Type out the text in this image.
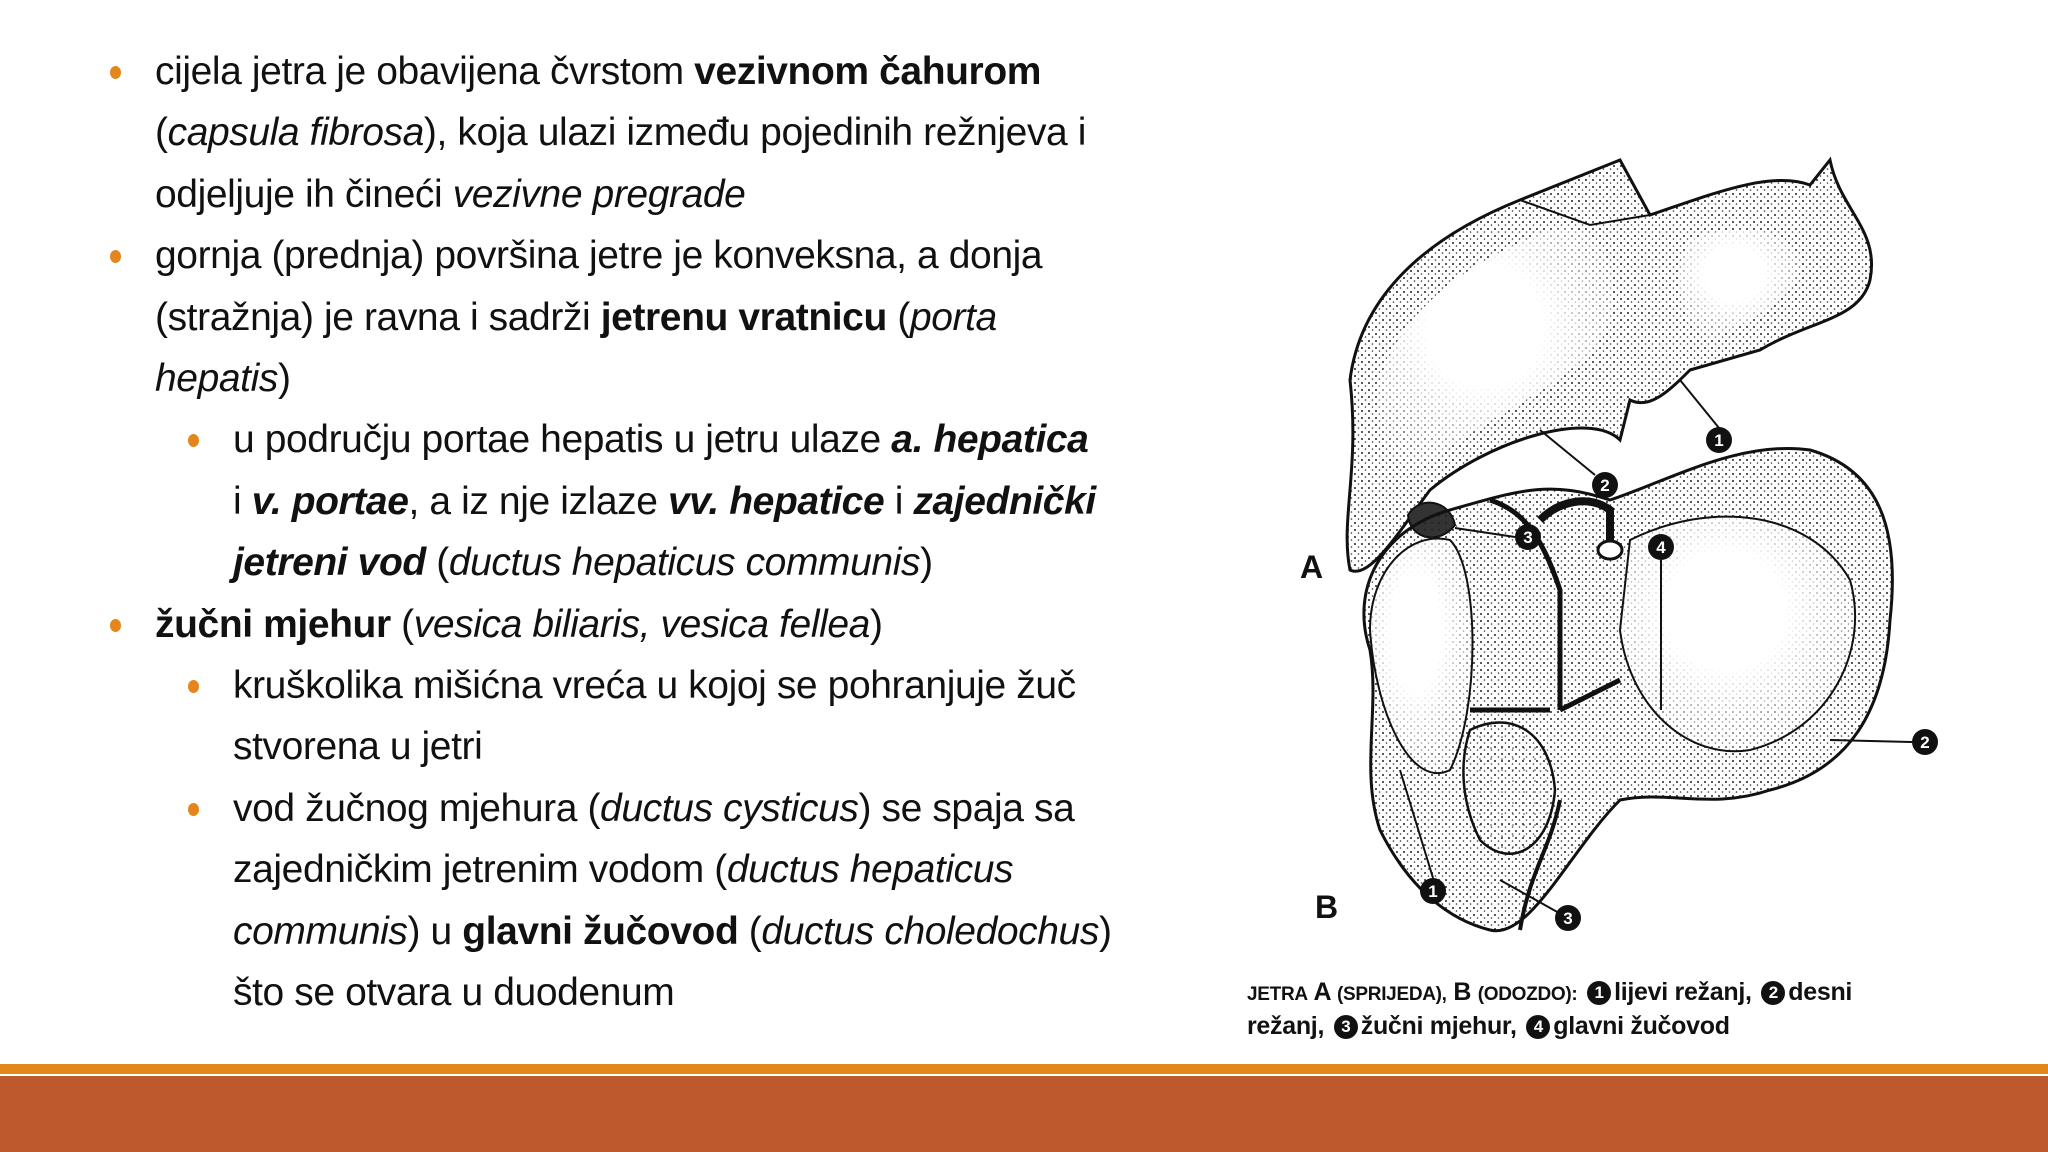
cijela jetra je obavijena čvrstom vezivnom čahurom
(capsula fibrosa), koja ulazi između pojedinih režnjeva i
odjeljuje ih čineći vezivne pregrade
gornja (prednja) površina jetre je konveksna, a donja
(stražnja) je ravna i sadrži jetrenu vratnicu (porta
hepatis)
u području portae hepatis u jetru ulaze a. hepatica
i v. portae, a iz nje izlaze vv. hepatice i zajednički
jetreni vod (ductus hepaticus communis)
žučni mjehur (vesica biliaris, vesica fellea)
kruškolika mišićna vreća u kojoj se pohranjuje žuč
stvorena u jetri
vod žučnog mjehura (ductus cysticus) se spaja sa
zajedničkim jetrenim vodom (ductus hepaticus
communis) u glavni žučovod (ductus choledochus)
što se otvara u duodenum
1
2
3
4
2
1
3
A
B
JETRA A (SPRIJEDA), B (ODOZDO): 1 lijevi režanj, 2 desni
režanj, 3 žučni mjehur, 4 glavni žučovod
